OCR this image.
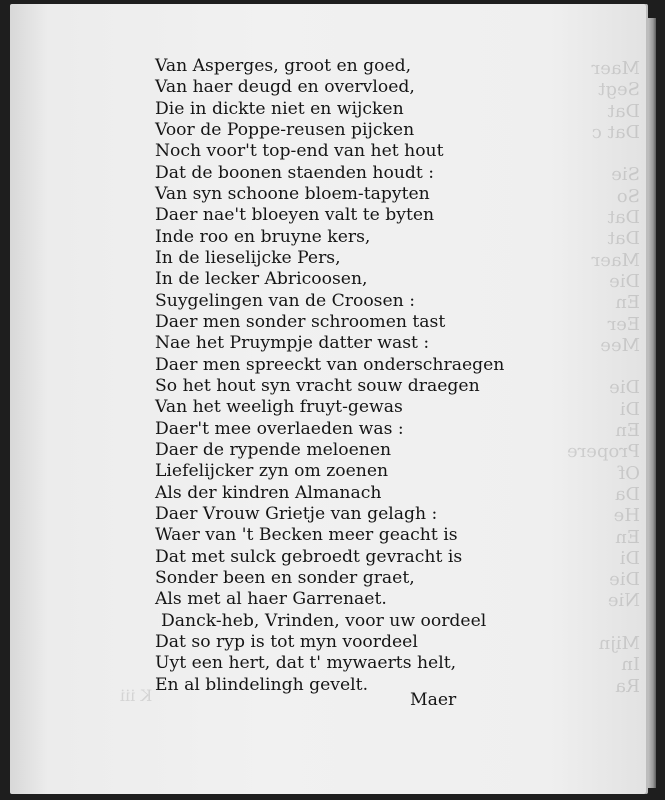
Maer
Segt
Dat
Dat c

Sie
So
Dat
Dat
Maer
Die
En
Eer
Mee

Die
Di
En
Propere
Of
Da
He
En
Di
Die
Nie

Mijn
In
Ra
K iii
Van Asperges, groot en goed,
Van haer deugd en overvloed,
Die in dickte niet en wijcken
Voor de Poppe-reusen pijcken
Noch voor't top-end van het hout
Dat de boonen staenden houdt :
Van syn schoone bloem-tapyten
Daer nae't bloeyen valt te byten
Inde roo en bruyne kers,
In de lieselijcke Pers,
In de lecker Abricoosen,
Suygelingen van de Croosen :
Daer men sonder schroomen tast
Nae het Pruympje datter wast :
Daer men spreeckt van onderschraegen
So het hout syn vracht souw draegen
Van het weeligh fruyt-gewas
Daer't mee overlaeden was :
Daer de rypende meloenen
Liefelijcker zyn om zoenen
Als der kindren Almanach
Daer Vrouw Grietje van gelagh :
Waer van 't Becken meer geacht is
Dat met sulck gebroedt gevracht is
Sonder been en sonder graet,
Als met al haer Garrenaet.
Danck-heb, Vrinden, voor uw oordeel
Dat so ryp is tot myn voordeel
Uyt een hert, dat t' mywaerts helt,
En al blindelingh gevelt.
Maer
